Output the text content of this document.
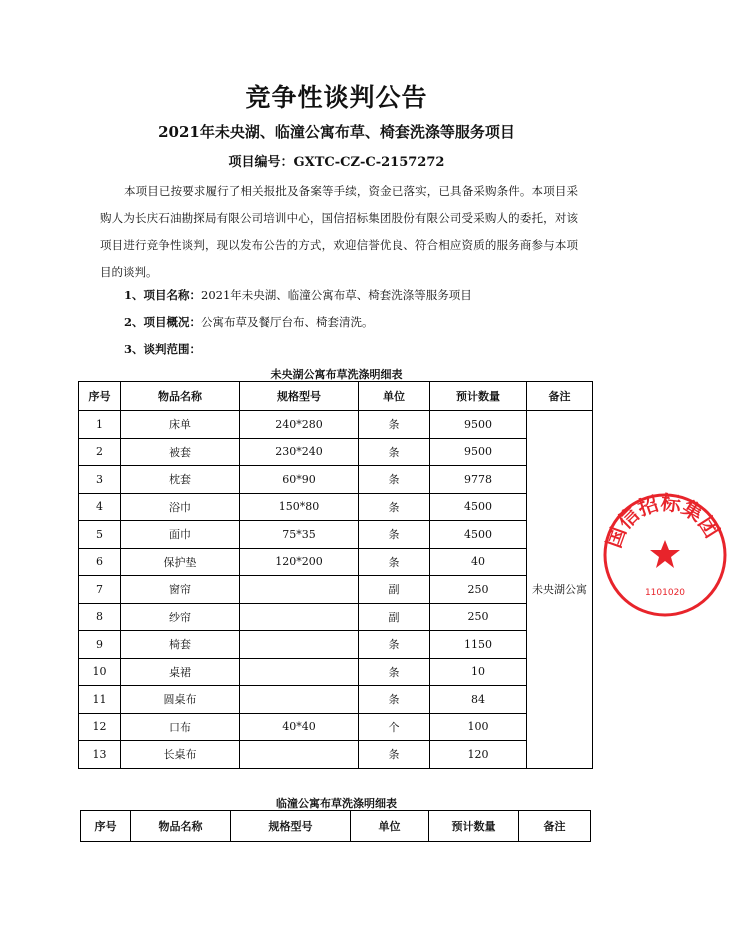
竞争性谈判公告
2021年未央湖、临潼公寓布草、椅套洗涤等服务项目
项目编号：GXTC-CZ-C-2157272
本项目已按要求履行了相关报批及备案等手续，资金已落实，已具备采购条件。本项目采购人为长庆石油勘探局有限公司培训中心，国信招标集团股份有限公司受采购人的委托，对该项目进行竞争性谈判，现以发布公告的方式，欢迎信誉优良、符合相应资质的服务商参与本项目的谈判。
1、项目名称：2021年未央湖、临潼公寓布草、椅套洗涤等服务项目
2、项目概况：公寓布草及餐厅台布、椅套清洗。
3、谈判范围：
未央湖公寓布草洗涤明细表
序号	物品名称	规格型号	单位	预计数量	备注
1	床单	240*280	条	9500	未央湖公寓
2	被套	230*240	条	9500	
3	枕套	60*90	条	9778	
4	浴巾	150*80	条	4500	
5	面巾	75*35	条	4500	
6	保护垫	120*200	条	40	
7	窗帘		副	250	
8	纱帘		副	250	
9	椅套		条	1150	
10	桌裙		条	10	
11	圆桌布		条	84	
12	口布	40*40	个	100	
13	长桌布		条	120	
临潼公寓布草洗涤明细表
序号	物品名称	规格型号	单位	预计数量	备注
国信招标集团
1101020
